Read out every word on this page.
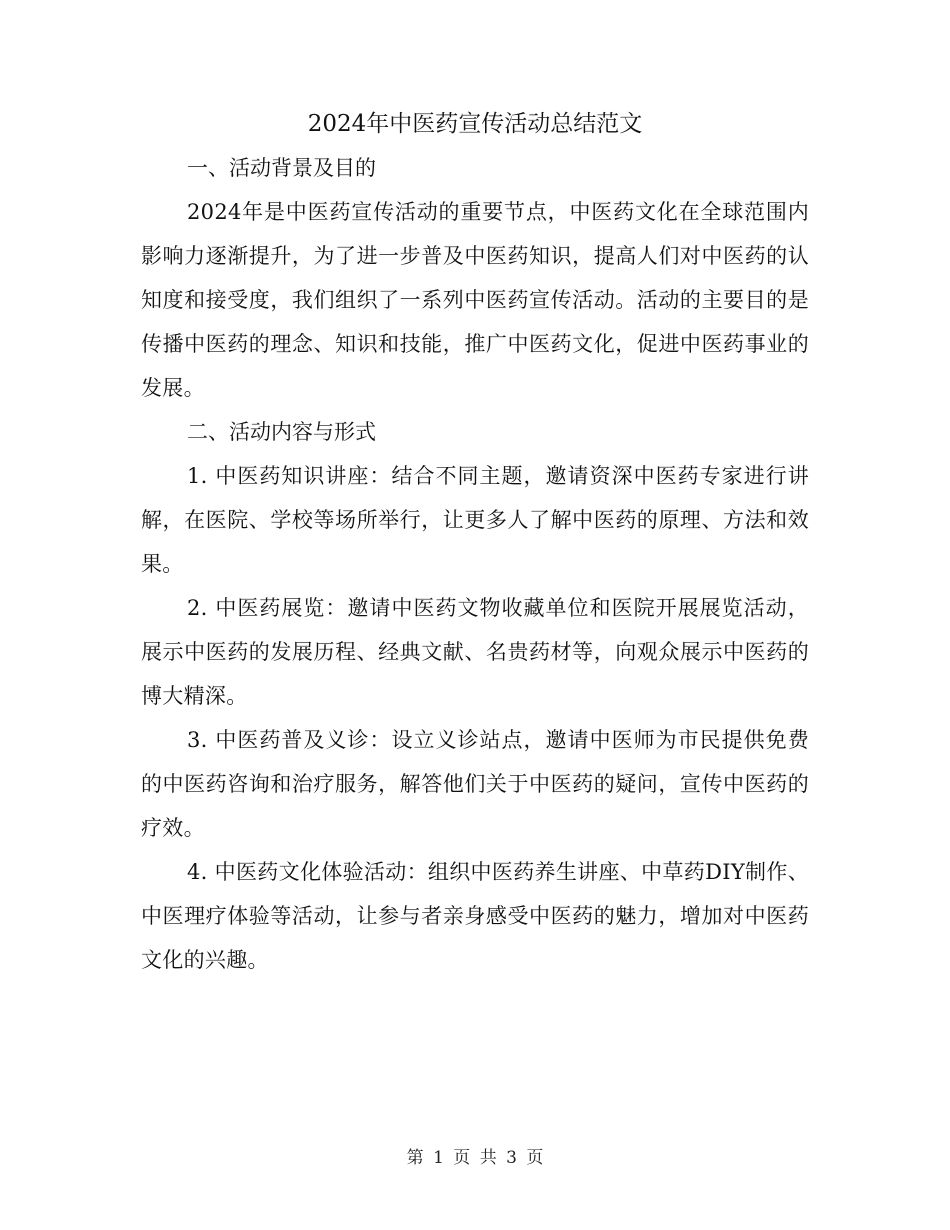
2024年中医药宣传活动总结范文

一、活动背景及目的

2024年是中医药宣传活动的重要节点，中医药文化在全球范围内影响力逐渐提升，为了进一步普及中医药知识，提高人们对中医药的认知度和接受度，我们组织了一系列中医药宣传活动。活动的主要目的是传播中医药的理念、知识和技能，推广中医药文化，促进中医药事业的发展。

二、活动内容与形式

1. 中医药知识讲座：结合不同主题，邀请资深中医药专家进行讲解，在医院、学校等场所举行，让更多人了解中医药的原理、方法和效果。

2. 中医药展览：邀请中医药文物收藏单位和医院开展展览活动，展示中医药的发展历程、经典文献、名贵药材等，向观众展示中医药的博大精深。

3. 中医药普及义诊：设立义诊站点，邀请中医师为市民提供免费的中医药咨询和治疗服务，解答他们关于中医药的疑问，宣传中医药的疗效。

4. 中医药文化体验活动：组织中医药养生讲座、中草药DIY制作、中医理疗体验等活动，让参与者亲身感受中医药的魅力，增加对中医药文化的兴趣。

第 1 页 共 3 页
